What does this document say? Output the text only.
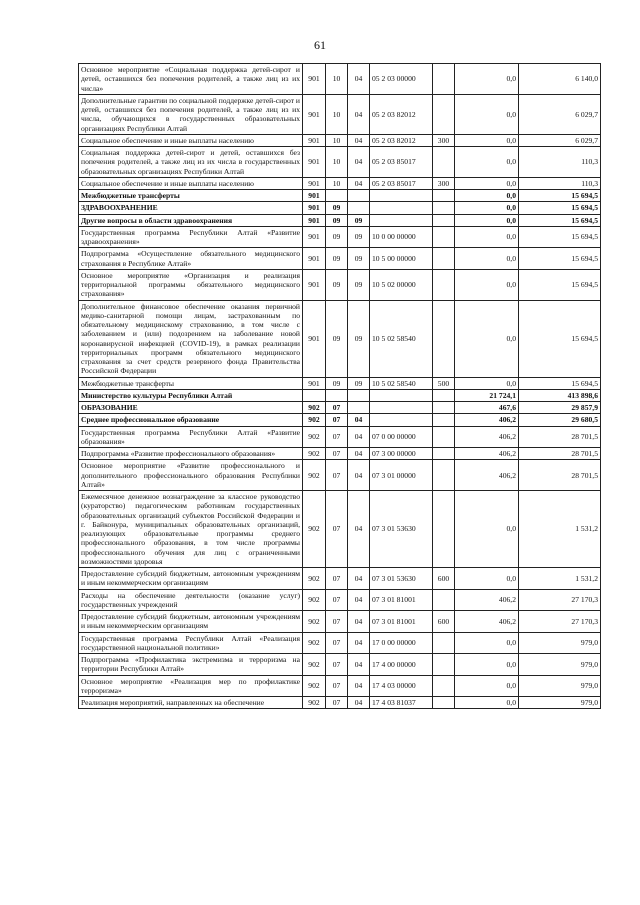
61
Основное мероприятие «Социальная поддержка детей-сирот и детей, оставшихся без попечения родителей, а также лиц из их числа»	901	10	04	05 2 03 00000		0,0	6 140,0
Дополнительные гарантии по социальной поддержке детей-сирот и детей, оставшихся без попечения родителей, а также лиц из их числа, обучающихся в государственных образовательных организациях Республики Алтай	901	10	04	05 2 03 82012		0,0	6 029,7
Социальное обеспечение и иные выплаты населению	901	10	04	05 2 03 82012	300	0,0	6 029,7
Социальная поддержка детей-сирот и детей, оставшихся без попечения родителей, а также лиц из их числа в государственных образовательных организациях Республики Алтай	901	10	04	05 2 03 85017		0,0	110,3
Социальное обеспечение и иные выплаты населению	901	10	04	05 2 03 85017	300	0,0	110,3
Межбюджетные трансферты	901					0,0	15 694,5
ЗДРАВООХРАНЕНИЕ	901	09				0,0	15 694,5
Другие вопросы в области здравоохранения	901	09	09			0,0	15 694,5
Государственная программа Республики Алтай «Развитие здравоохранения»	901	09	09	10 0 00 00000		0,0	15 694,5
Подпрограмма «Осуществление обязательного медицинского страхования в Республике Алтай»	901	09	09	10 5 00 00000		0,0	15 694,5
Основное мероприятие «Организация и реализация территориальной программы обязательного медицинского страхования»	901	09	09	10 5 02 00000		0,0	15 694,5
Дополнительное финансовое обеспечение оказания первичной медико-санитарной помощи лицам, застрахованным по обязательному медицинскому страхованию, в том числе с заболеванием и (или) подозрением на заболевание новой коронавирусной инфекцией (COVID-19), в рамках реализации территориальных программ обязательного медицинского страхования за счет средств резервного фонда Правительства Российской Федерации	901	09	09	10 5 02 58540		0,0	15 694,5
Межбюджетные трансферты	901	09	09	10 5 02 58540	500	0,0	15 694,5
Министерство культуры Республики Алтай						21 724,1	413 898,6
ОБРАЗОВАНИЕ	902	07				467,6	29 857,9
Среднее профессиональное образование	902	07	04			406,2	29 680,5
Государственная программа Республики Алтай «Развитие образования»	902	07	04	07 0 00 00000		406,2	28 701,5
Подпрограмма «Развитие профессионального образования»	902	07	04	07 3 00 00000		406,2	28 701,5
Основное мероприятие «Развитие профессионального и дополнительного профессионального образования Республики Алтай»	902	07	04	07 3 01 00000		406,2	28 701,5
Ежемесячное денежное вознаграждение за классное руководство (кураторство) педагогическим работникам государственных образовательных организаций субъектов Российской Федерации и г. Байконура, муниципальных образовательных организаций, реализующих образовательные программы среднего профессионального образования, в том числе программы профессионального обучения для лиц с ограниченными возможностями здоровья	902	07	04	07 3 01 53630		0,0	1 531,2
Предоставление субсидий бюджетным, автономным учреждениям и иным некоммерческим организациям	902	07	04	07 3 01 53630	600	0,0	1 531,2
Расходы на обеспечение деятельности (оказание услуг) государственных учреждений	902	07	04	07 3 01 81001		406,2	27 170,3
Предоставление субсидий бюджетным, автономным учреждениям и иным некоммерческим организациям	902	07	04	07 3 01 81001	600	406,2	27 170,3
Государственная программа Республики Алтай «Реализация государственной национальной политики»	902	07	04	17 0 00 00000		0,0	979,0
Подпрограмма «Профилактика экстремизма и терроризма на территории Республики Алтай»	902	07	04	17 4 00 00000		0,0	979,0
Основное мероприятие «Реализация мер по профилактике терроризма»	902	07	04	17 4 03 00000		0,0	979,0
Реализация мероприятий, направленных на обеспечение	902	07	04	17 4 03 81037		0,0	979,0
